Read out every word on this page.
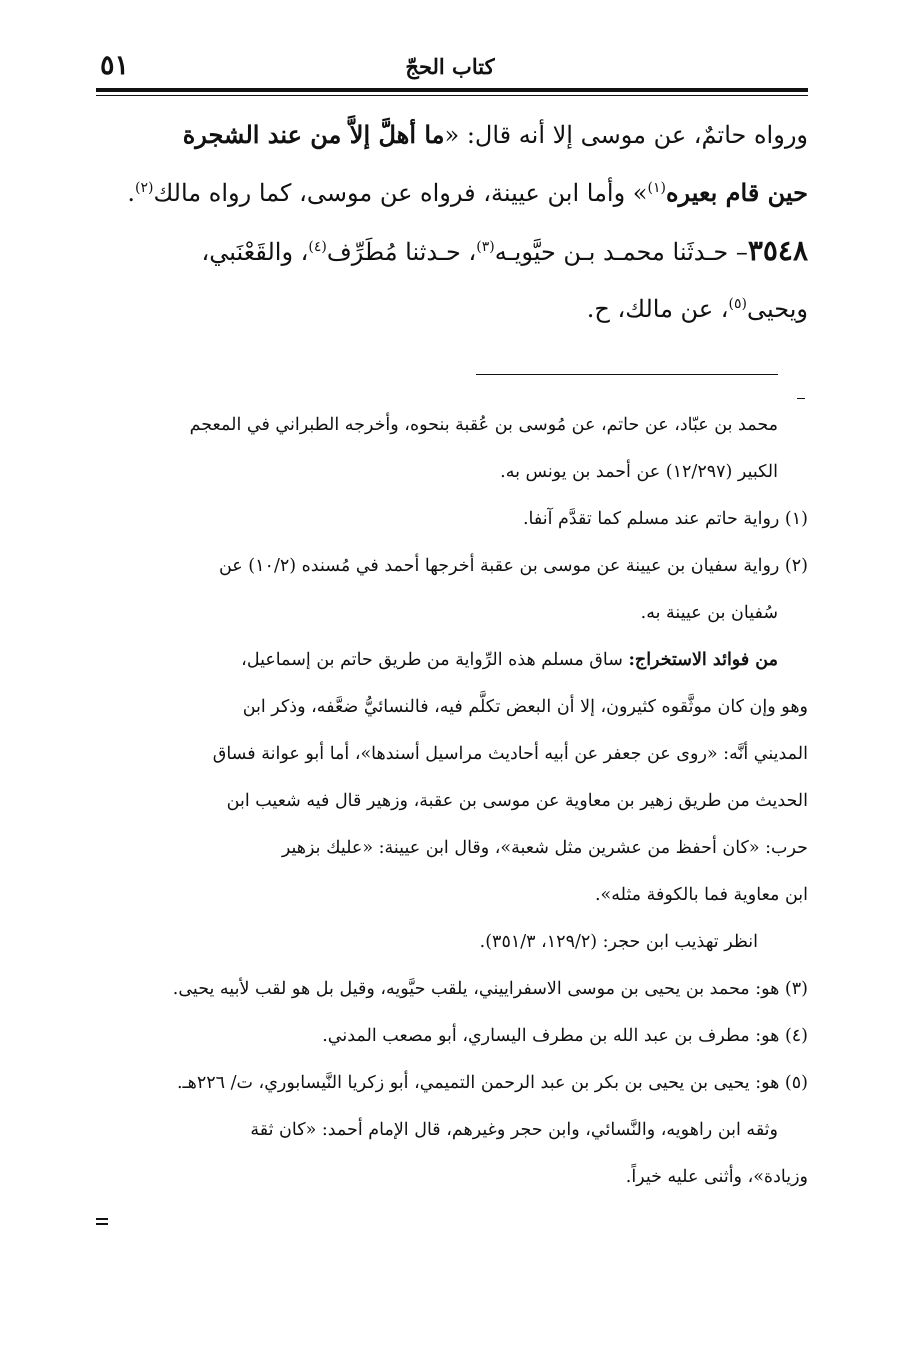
كتاب الحجّ
٥١
ورواه حاتمٌ، عن موسى إلا أنه قال: «ما أهلَّ إلاَّ من عند الشجرة
حين قام بعيره$^{(١)}$» وأما ابن عيينة، فرواه عن موسى، كما رواه مالك$^{(٢)}$.
٣٥٤٨– حـدثَنا محمـد بـن حيَّويـه$^{(٣)}$، حـدثنا مُطَرِّف$^{(٤)}$، والقَعْنَبي،
ويحيى$^{(٥)}$، عن مالك، ح.
محمد بن عبّاد، عن حاتم، عن مُوسى بن عُقبة بنحوه، وأخرجه الطبراني في المعجم
الكبير (١٢/٢٩٧) عن أحمد بن يونس به.
(١) رواية حاتم عند مسلم كما تقدَّم آنفا.
(٢) رواية سفيان بن عيينة عن موسى بن عقبة أخرجها أحمد في مُسنده (١٠/٢) عن
سُفيان بن عيينة به.
من فوائد الاستخراج: ساق مسلم هذه الرِّواية من طريق حاتم بن إسماعيل،
وهو وإن كان موثَّقوه كثيرون، إلا أن البعض تكلَّم فيه، فالنسائيُّ ضعَّفه، وذكر ابن
المديني أنَّه: «روى عن جعفر عن أبيه أحاديث مراسيل أسندها»، أما أبو عوانة فساق
الحديث من طريق زهير بن معاوية عن موسى بن عقبة، وزهير قال فيه شعيب ابن
حرب: «كان أحفظ من عشرين مثل شعبة»، وقال ابن عيينة: «عليك بزهير
ابن معاوية فما بالكوفة مثله».
انظر تهذيب ابن حجر: (١٢٩/٢، ٣٥١/٣).
(٣) هو: محمد بن يحيى بن موسى الاسفراييني، يلقب حيَّويه، وقيل بل هو لقب لأبيه يحيى.
(٤) هو: مطرف بن عبد الله بن مطرف اليساري، أبو مصعب المدني.
(٥) هو: يحيى بن يحيى بن بكر بن عبد الرحمن التميمي، أبو زكريا النَّيسابوري، ت/ ٢٢٦هـ.
وثقه ابن راهويه، والنَّسائي، وابن حجر وغيرهم، قال الإمام أحمد: «كان ثقة
وزيادة»، وأثنى عليه خيراً.
